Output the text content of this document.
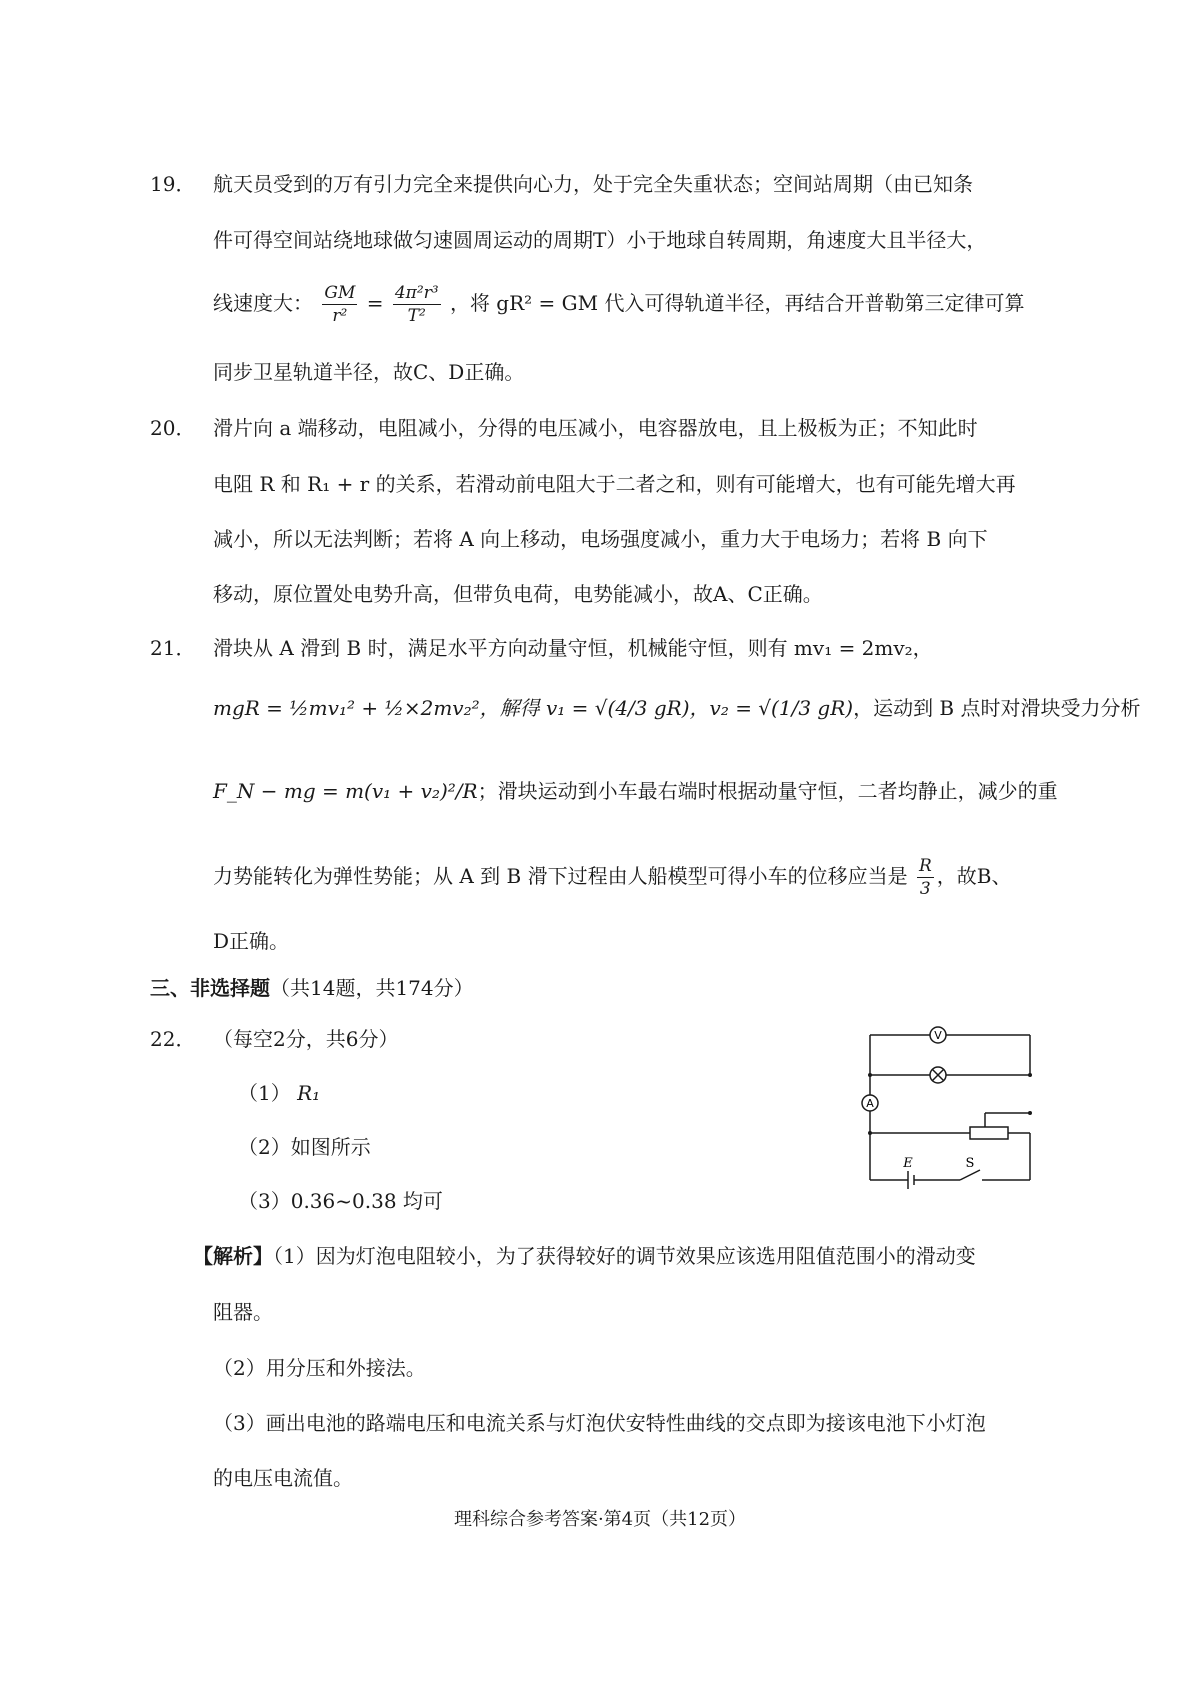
19． 航天员受到的万有引力完全来提供向心力，处于完全失重状态；空间站周期（由已知条
件可得空间站绕地球做匀速圆周运动的周期T）小于地球自转周期，角速度大且半径大，
线速度大： $\frac{GM}{\text{r²}} = \frac{\text{4π²r³}}{\text{T²}}$ ，将 gR² = GM 代入可得轨道半径，再结合开普勒第三定律可算
同步卫星轨道半径，故C、D正确。
20． 滑片向 a 端移动，电阻减小，分得的电压减小，电容器放电，且上极板为正；不知此时
电阻 R 和 R₁ + r 的关系，若滑动前电阻大于二者之和，则有可能增大，也有可能先增大再
减小，所以无法判断；若将 A 向上移动，电场强度减小，重力大于电场力；若将 B 向下
移动，原位置处电势升高，但带负电荷，电势能减小，故A、C正确。
21． 滑块从 A 滑到 B 时，满足水平方向动量守恒，机械能守恒，则有 mv₁ = 2mv₂，
mgR = ½mv₁² + ½×2mv₂²，解得 v₁ = √(4/3 gR)，v₂ = √(1/3 gR)，运动到 B 点时对滑块受力分析
F_N − mg = m(v₁ + v₂)²/R；滑块运动到小车最右端时根据动量守恒，二者均静止，减少的重
力势能转化为弹性势能；从 A 到 B 滑下过程由人船模型可得小车的位移应当是 $\frac{R}{3}$ ，故B、
D正确。
三、非选择题（共14题，共174分）
22． （每空2分，共6分）
（1） R₁
（2）如图所示
（3）0.36~0.38 均可
【解析】（1）因为灯泡电阻较小，为了获得较好的调节效果应该选用阻值范围小的滑动变
阻器。
（2）用分压和外接法。
（3）画出电池的路端电压和电流关系与灯泡伏安特性曲线的交点即为接该电池下小灯泡
的电压电流值。
V
A
E	S
理科综合参考答案·第4页（共12页）
